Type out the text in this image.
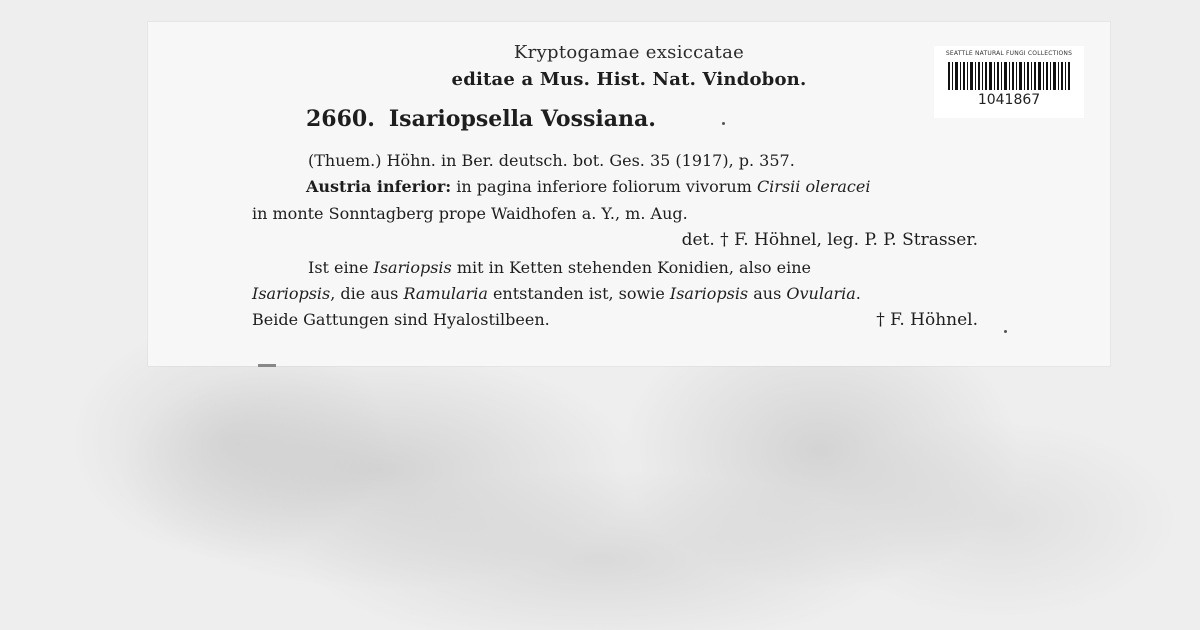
Kryptogamae exsiccatae
editae a Mus. Hist. Nat. Vindobon.
2660. Isariopsella Vossiana.
(Thuem.) Höhn. in Ber. deutsch. bot. Ges. 35 (1917), p. 357.
Austria inferior: in pagina inferiore foliorum vivorum Cirsii oleracei
in monte Sonntagberg prope Waidhofen a. Y., m. Aug.
det. † F. Höhnel, leg. P. P. Strasser.
Ist eine Isariopsis mit in Ketten stehenden Konidien, also eine
Isariopsis, die aus Ramularia entstanden ist, sowie Isariopsis aus Ovularia.
Beide Gattungen sind Hyalostilbeen.	† F. Höhnel.
SEATTLE NATURAL FUNGI COLLECTIONS
1041867
